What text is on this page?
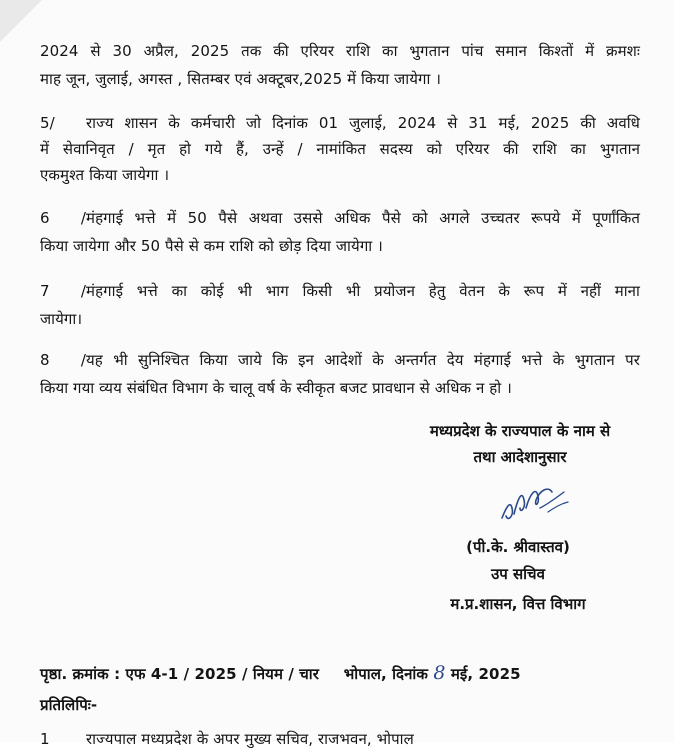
2024 से 30 अप्रैल, 2025 तक की एरियर राशि का भुगतान पांच समान किश्तों में क्रमशः
माह जून, जुलाई, अगस्त , सितम्बर एवं अक्टूबर,2025 में किया जायेगा ।
5/ राज्य शासन के कर्मचारी जो दिनांक 01 जुलाई, 2024 से 31 मई, 2025 की अवधि
में सेवानिवृत / मृत हो गये हैं, उन्हें / नामांकित सदस्य को एरियर की राशि का भुगतान
एकमुश्त किया जायेगा ।
6 /मंहगाई भत्ते में 50 पैसे अथवा उससे अधिक पैसे को अगले उच्चतर रूपये में पूर्णांकित
किया जायेगा और 50 पैसे से कम राशि को छोड़ दिया जायेगा ।
7 /मंहगाई भत्ते का कोई भी भाग किसी भी प्रयोजन हेतु वेतन के रूप में नहीं माना
जायेगा।
8 /यह भी सुनिश्चित किया जाये कि इन आदेशों के अन्तर्गत देय मंहगाई भत्ते के भुगतान पर
किया गया व्यय संबंधित विभाग के चालू वर्ष के स्वीकृत बजट प्रावधान से अधिक न हो ।
मध्यप्रदेश के राज्यपाल के नाम से
तथा आदेशानुसार
(पी.के. श्रीवास्तव)
उप सचिव
म.प्र.शासन, वित्त विभाग
पृष्ठा. क्रमांक : एफ 4-1 / 2025 / नियम / चार भोपाल, दिनांक 8 मई, 2025
प्रतिलिपिः-
1 राज्यपाल मध्यप्रदेश के अपर मुख्य सचिव, राजभवन, भोपाल
